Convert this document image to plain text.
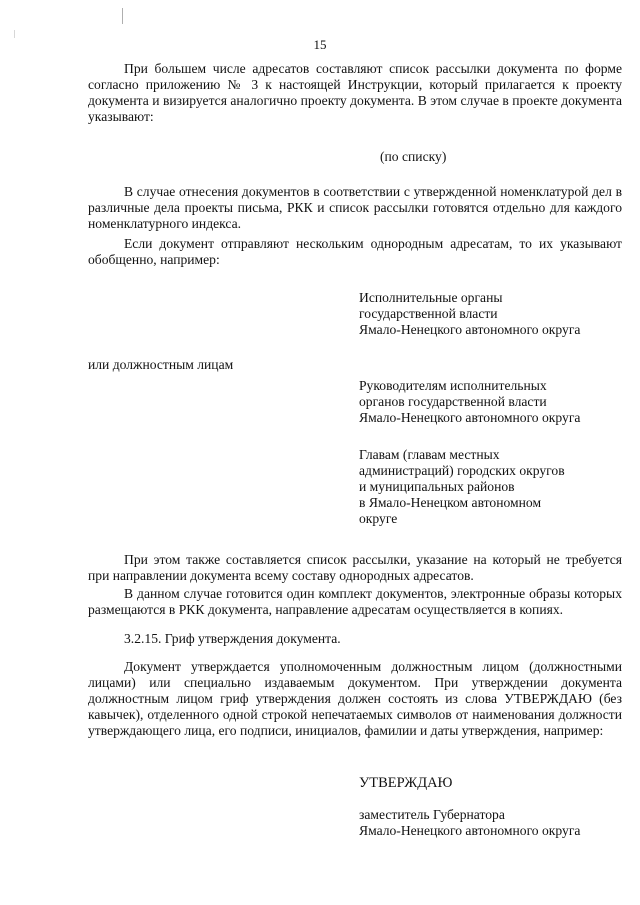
15

При большем числе адресатов составляют список рассылки документа по форме согласно приложению № 3 к настоящей Инструкции, который прилагается к проекту документа и визируется аналогично проекту документа. В этом случае в проекте документа указывают:

(по списку)

В случае отнесения документов в соответствии с утвержденной номенклатурой дел в различные дела проекты письма, РКК и список рассылки готовятся отдельно для каждого номенклатурного индекса.

Если документ отправляют нескольким однородным адресатам, то их указывают обобщенно, например:

Исполнительные органы
государственной власти
Ямало-Ненецкого автономного округа

или должностным лицам

Руководителям исполнительных
органов государственной власти
Ямало-Ненецкого автономного округа
Главам (главам местных
администраций) городских округов
и муниципальных районов
в Ямало-Ненецком автономном
округе

При этом также составляется список рассылки, указание на который не требуется при направлении документа всему составу однородных адресатов.

В данном случае готовится один комплект документов, электронные образы которых размещаются в РКК документа, направление адресатам осуществляется в копиях.

3.2.15. Гриф утверждения документа.

Документ утверждается уполномоченным должностным лицом (должностными лицами) или специально издаваемым документом. При утверждении документа должностным лицом гриф утверждения должен состоять из слова УТВЕРЖДАЮ (без кавычек), отделенного одной строкой непечатаемых символов от наименования должности утверждающего лица, его подписи, инициалов, фамилии и даты утверждения, например:

УТВЕРЖДАЮ

заместитель Губернатора
Ямало-Ненецкого автономного округа
